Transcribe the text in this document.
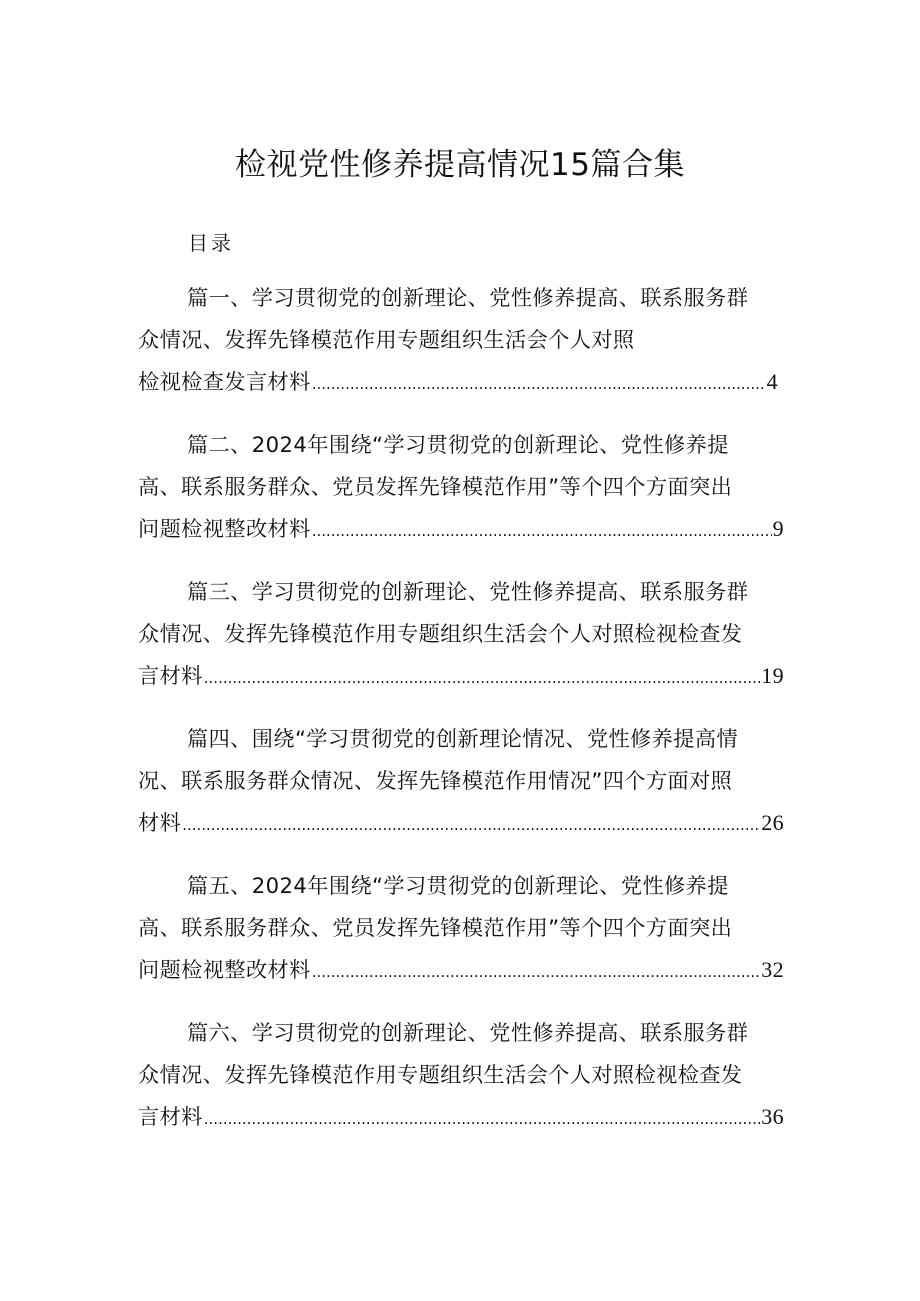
检视党性修养提高情况15篇合集
目录
篇一、学习贯彻党的创新理论、党性修养提高、联系服务群
众情况、发挥先锋模范作用专题组织生活会个人对照
检视检查发言材料 .....	4
篇二、2024年围绕“学习贯彻党的创新理论、党性修养提
高、联系服务群众、党员发挥先锋模范作用”等个四个方面突出
问题检视整改材料 .....	9
篇三、学习贯彻党的创新理论、党性修养提高、联系服务群
众情况、发挥先锋模范作用专题组织生活会个人对照检视检查发
言材料 .....	19
篇四、围绕“学习贯彻党的创新理论情况、党性修养提高情
况、联系服务群众情况、发挥先锋模范作用情况”四个方面对照
材料 .....	26
篇五、2024年围绕“学习贯彻党的创新理论、党性修养提
高、联系服务群众、党员发挥先锋模范作用”等个四个方面突出
问题检视整改材料 .....	32
篇六、学习贯彻党的创新理论、党性修养提高、联系服务群
众情况、发挥先锋模范作用专题组织生活会个人对照检视检查发
言材料 .....	36
